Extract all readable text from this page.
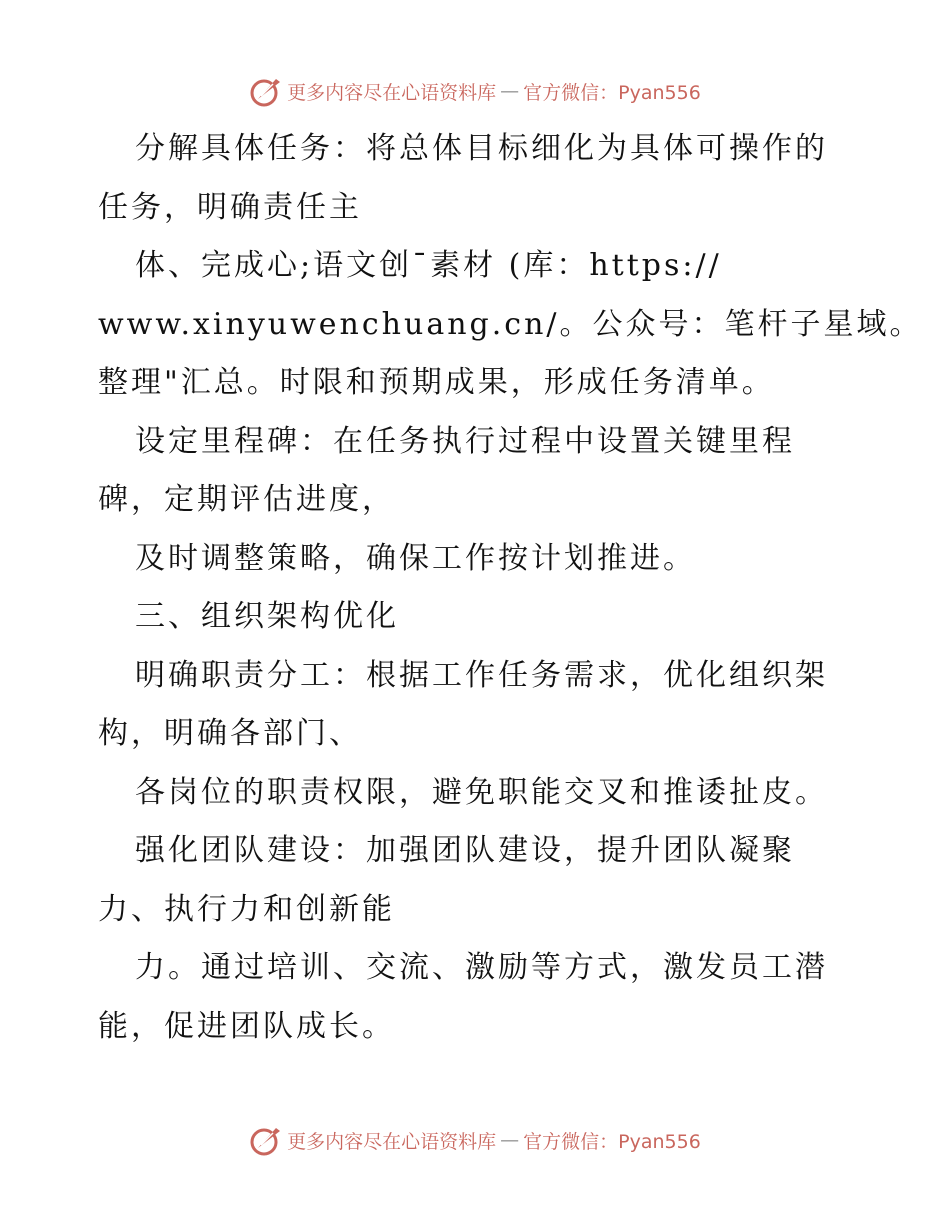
更多内容尽在心语资料库 — 官方微信：Pyan556

分解具体任务：将总体目标细化为具体可操作的

任务，明确责任主

体、完成心;语文创¯素材 (库：https://

www.xinyuwenchuang.cn/。公众号：笔杆子星域。

整理"汇总。时限和预期成果，形成任务清单。

设定里程碑：在任务执行过程中设置关键里程

碑，定期评估进度，

及时调整策略，确保工作按计划推进。

三、组织架构优化

明确职责分工：根据工作任务需求，优化组织架

构，明确各部门、

各岗位的职责权限，避免职能交叉和推诿扯皮。

强化团队建设：加强团队建设，提升团队凝聚

力、执行力和创新能

力。通过培训、交流、激励等方式，激发员工潜

能，促进团队成长。

更多内容尽在心语资料库 — 官方微信：Pyan556
